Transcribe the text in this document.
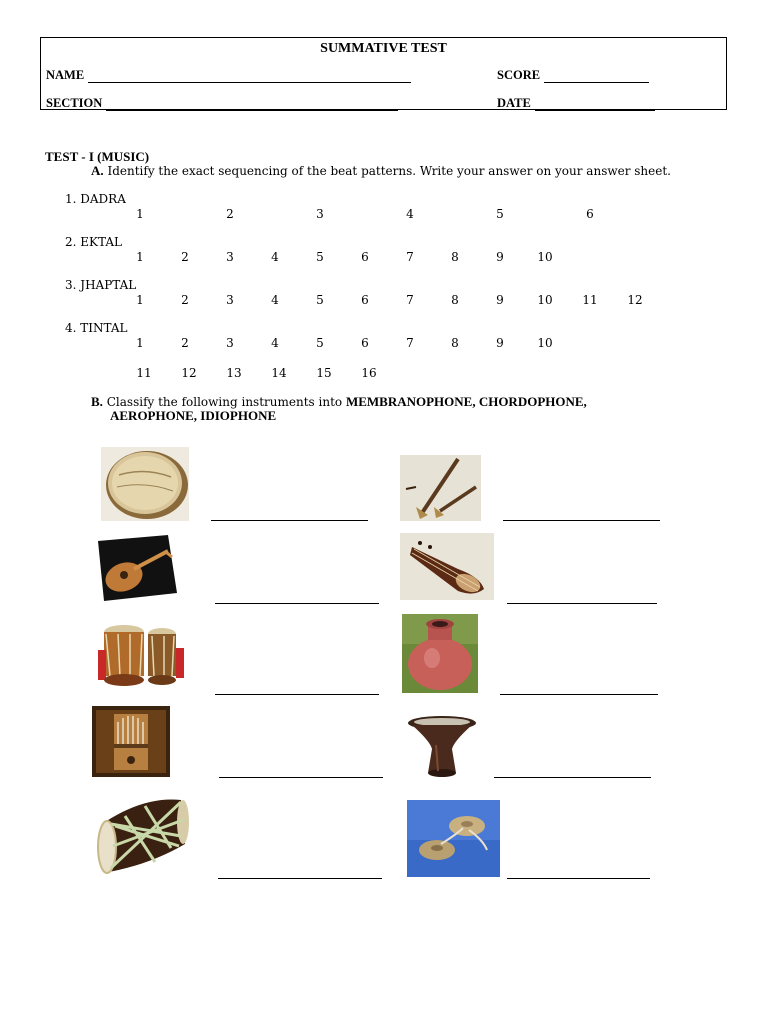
SUMMATIVE TEST
NAME	SCORE
SECTION	DATE
TEST - I (MUSIC)
A. Identify the exact sequencing of the beat patterns. Write your answer on your answer sheet.
1. DADRA
1	2	3	4	5	6
2. EKTAL
1	2	3	4	5	6	7	8	9	10
3. JHAPTAL
1	2	3	4	5	6	7	8	9	10	11	12
4. TINTAL
1	2	3	4	5	6	7	8	9	10
11	12	13	14	15	16
B. Classify the following instruments into MEMBRANOPHONE, CHORDOPHONE,
AEROPHONE, IDIOPHONE
